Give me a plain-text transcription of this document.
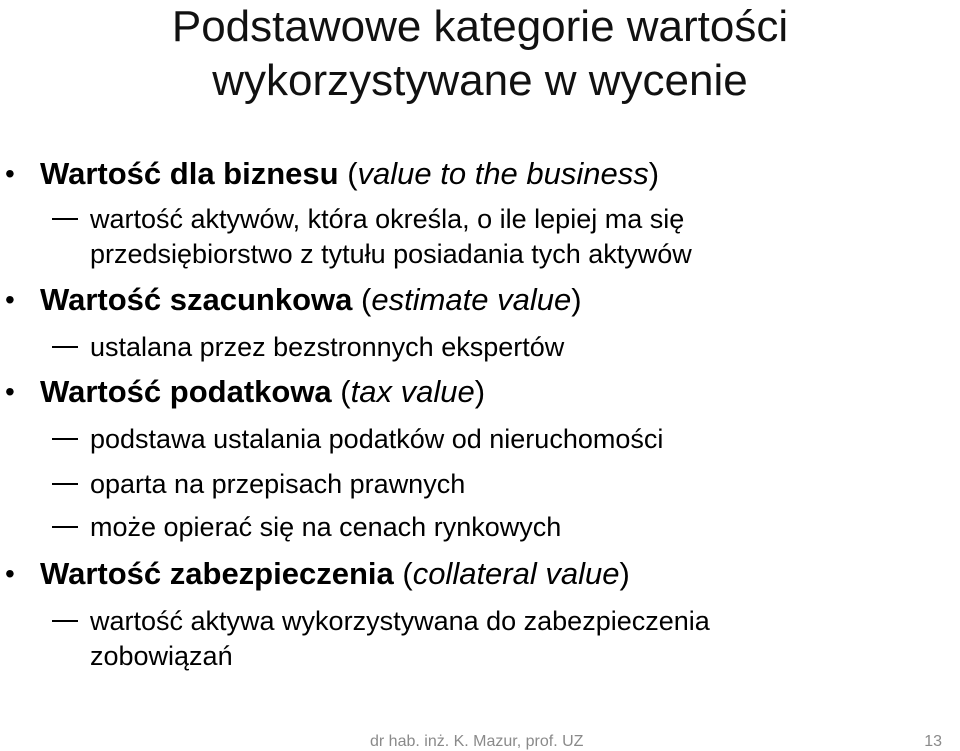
Podstawowe kategorie wartości
wykorzystywane w wycenie
• Wartość dla biznesu (value to the business)
wartość aktywów, która określa, o ile lepiej ma się
przedsiębiorstwo z tytułu posiadania tych aktywów
• Wartość szacunkowa (estimate value)
ustalana przez bezstronnych ekspertów
• Wartość podatkowa (tax value)
podstawa ustalania podatków od nieruchomości
oparta na przepisach prawnych
może opierać się na cenach rynkowych
• Wartość zabezpieczenia (collateral value)
wartość aktywa wykorzystywana do zabezpieczenia
zobowiązań
dr hab. inż. K. Mazur, prof. UZ	13
